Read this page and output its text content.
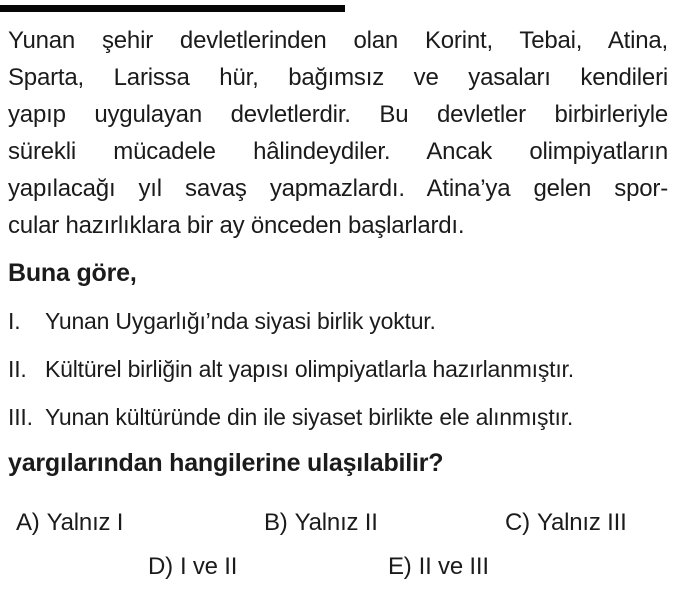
Yunan şehir devletlerinden olan Korint, Tebai, Atina,
Sparta, Larissa hür, bağımsız ve yasaları kendileri
yapıp uygulayan devletlerdir. Bu devletler birbirleriyle
sürekli mücadele hâlindeydiler. Ancak olimpiyatların
yapılacağı yıl savaş yapmazlardı. Atina’ya gelen spor-
cular hazırlıklara bir ay önceden başlarlardı.
Buna göre,
I. Yunan Uygarlığı’nda siyasi birlik yoktur.
II. Kültürel birliğin alt yapısı olimpiyatlarla hazırlanmıştır.
III. Yunan kültüründe din ile siyaset birlikte ele alınmıştır.
yargılarından hangilerine ulaşılabilir?
A) Yalnız I	B) Yalnız II	C) Yalnız III
D) I ve II	E) II ve III
